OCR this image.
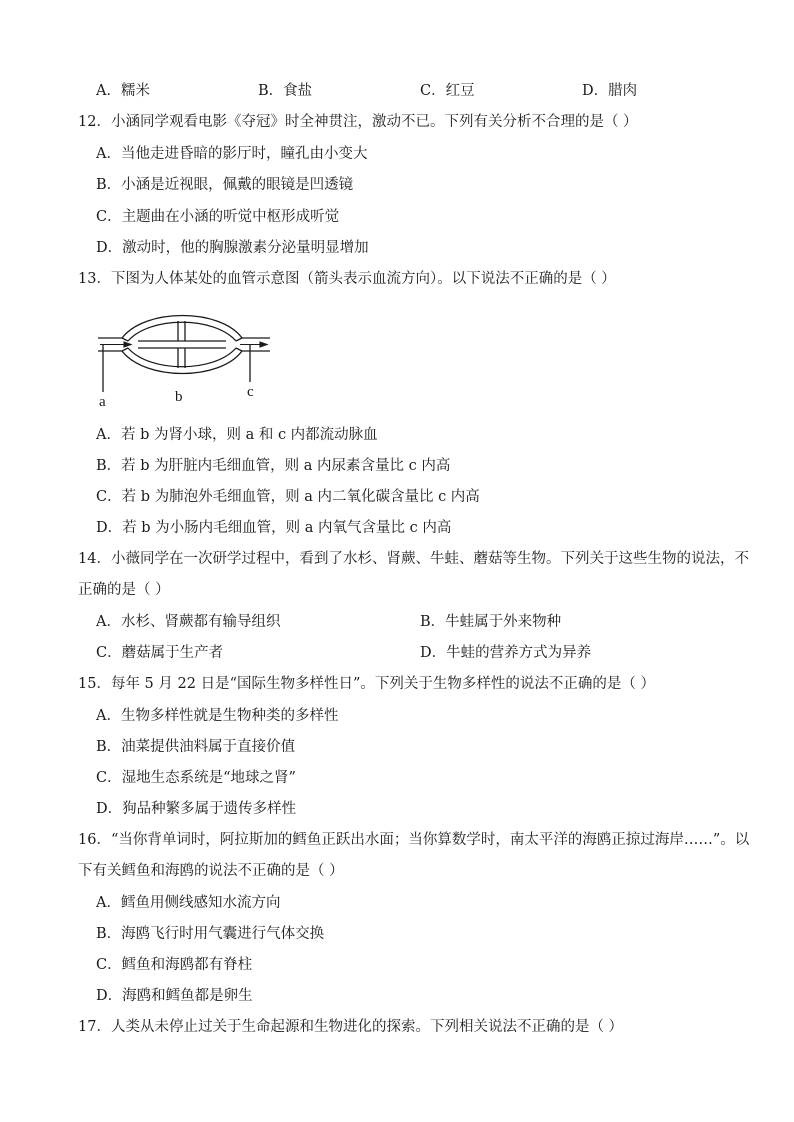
A．糯米	B．食盐	C．红豆	D．腊肉
12．小涵同学观看电影《夺冠》时全神贯注，激动不已。下列有关分析不合理的是（ ）
A．当他走进昏暗的影厅时，瞳孔由小变大
B．小涵是近视眼，佩戴的眼镜是凹透镜
C．主题曲在小涵的听觉中枢形成听觉
D．激动时，他的胸腺激素分泌量明显增加
13．下图为人体某处的血管示意图（箭头表示血流方向）。以下说法不正确的是（ ）
a	b	c
A．若 b 为肾小球，则 a 和 c 内都流动脉血
B．若 b 为肝脏内毛细血管，则 a 内尿素含量比 c 内高
C．若 b 为肺泡外毛细血管，则 a 内二氧化碳含量比 c 内高
D．若 b 为小肠内毛细血管，则 a 内氧气含量比 c 内高
14．小薇同学在一次研学过程中，看到了水杉、肾蕨、牛蛙、蘑菇等生物。下列关于这些生物的说法，不
正确的是（ ）
A．水杉、肾蕨都有输导组织	B．牛蛙属于外来物种
C．蘑菇属于生产者	D．牛蛙的营养方式为异养
15．每年 5 月 22 日是“国际生物多样性日”。下列关于生物多样性的说法不正确的是（ ）
A．生物多样性就是生物种类的多样性
B．油菜提供油料属于直接价值
C．湿地生态系统是“地球之肾”
D．狗品种繁多属于遗传多样性
16．“当你背单词时，阿拉斯加的鳕鱼正跃出水面；当你算数学时，南太平洋的海鸥正掠过海岸……”。以
下有关鳕鱼和海鸥的说法不正确的是（ ）
A．鳕鱼用侧线感知水流方向
B．海鸥飞行时用气囊进行气体交换
C．鳕鱼和海鸥都有脊柱
D．海鸥和鳕鱼都是卵生
17．人类从未停止过关于生命起源和生物进化的探索。下列相关说法不正确的是（ ）
